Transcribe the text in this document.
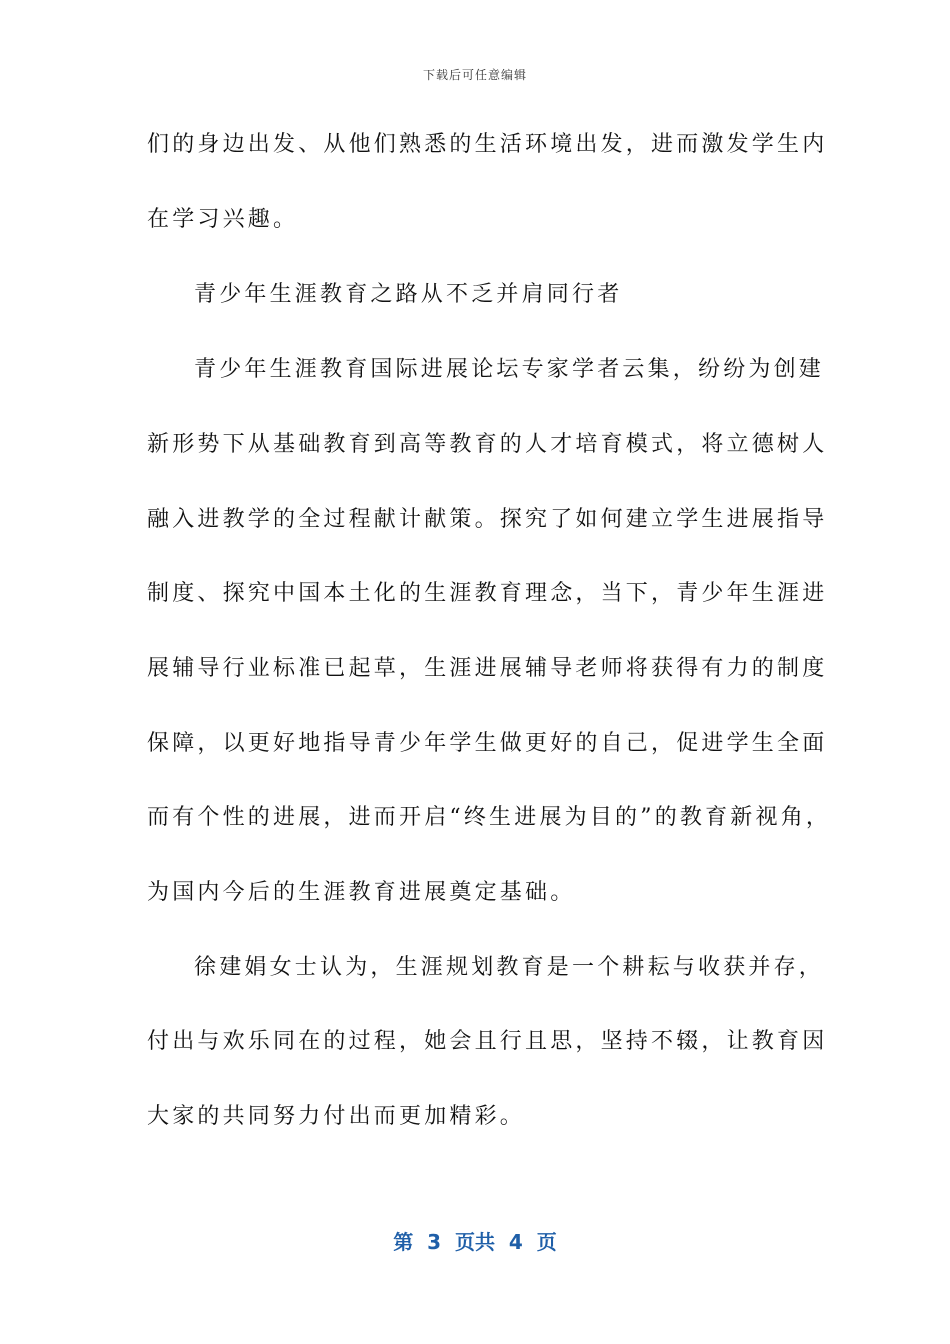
下载后可任意编辑
们的身边出发、从他们熟悉的生活环境出发，进而激发学生内
在学习兴趣。
青少年生涯教育之路从不乏并肩同行者
青少年生涯教育国际进展论坛专家学者云集，纷纷为创建
新形势下从基础教育到高等教育的人才培育模式，将立德树人
融入进教学的全过程献计献策。探究了如何建立学生进展指导
制度、探究中国本土化的生涯教育理念，当下，青少年生涯进
展辅导行业标准已起草，生涯进展辅导老师将获得有力的制度
保障，以更好地指导青少年学生做更好的自己，促进学生全面
而有个性的进展，进而开启“终生进展为目的”的教育新视角，
为国内今后的生涯教育进展奠定基础。
徐建娟女士认为，生涯规划教育是一个耕耘与收获并存，
付出与欢乐同在的过程，她会且行且思，坚持不辍，让教育因
大家的共同努力付出而更加精彩。
第  3  页共  4  页
